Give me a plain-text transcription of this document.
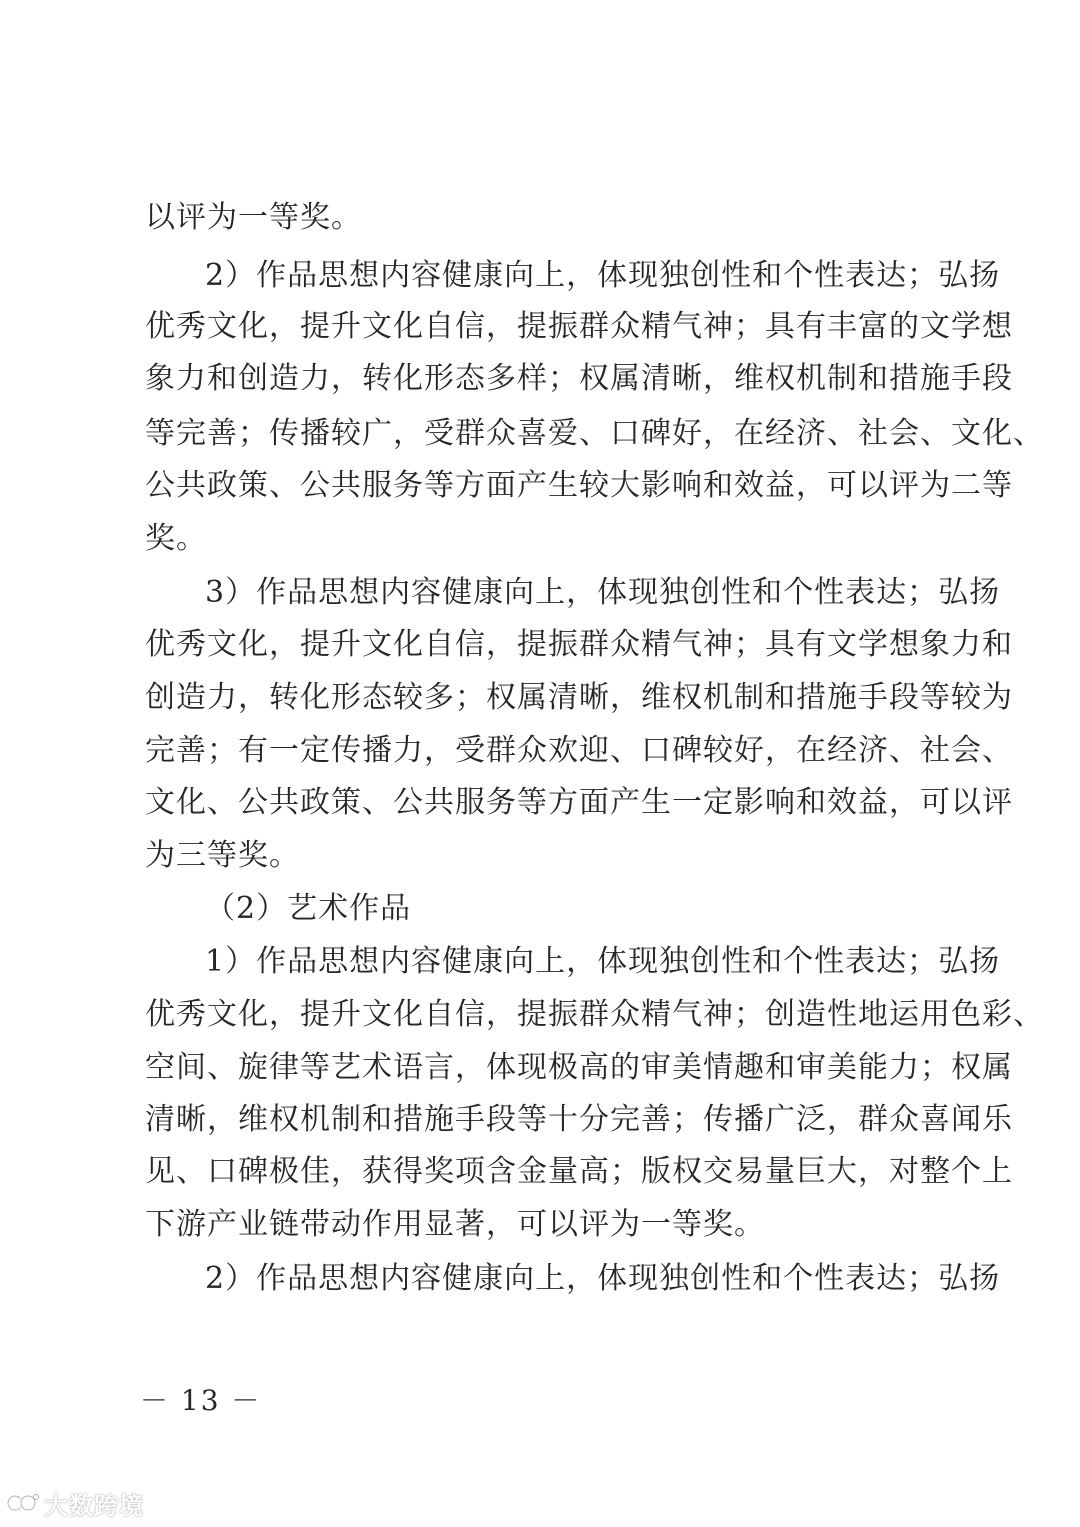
以评为一等奖。
2）作品思想内容健康向上，体现独创性和个性表达；弘扬
优秀文化，提升文化自信，提振群众精气神；具有丰富的文学想
象力和创造力，转化形态多样；权属清晰，维权机制和措施手段
等完善；传播较广，受群众喜爱、口碑好，在经济、社会、文化、
公共政策、公共服务等方面产生较大影响和效益，可以评为二等
奖。
3）作品思想内容健康向上，体现独创性和个性表达；弘扬
优秀文化，提升文化自信，提振群众精气神；具有文学想象力和
创造力，转化形态较多；权属清晰，维权机制和措施手段等较为
完善；有一定传播力，受群众欢迎、口碑较好，在经济、社会、
文化、公共政策、公共服务等方面产生一定影响和效益，可以评
为三等奖。
（2）艺术作品
1）作品思想内容健康向上，体现独创性和个性表达；弘扬
优秀文化，提升文化自信，提振群众精气神；创造性地运用色彩、
空间、旋律等艺术语言，体现极高的审美情趣和审美能力；权属
清晰，维权机制和措施手段等十分完善；传播广泛，群众喜闻乐
见、口碑极佳，获得奖项含金量高；版权交易量巨大，对整个上
下游产业链带动作用显著，可以评为一等奖。
2）作品思想内容健康向上，体现独创性和个性表达；弘扬
－ 13 －
大数跨境
